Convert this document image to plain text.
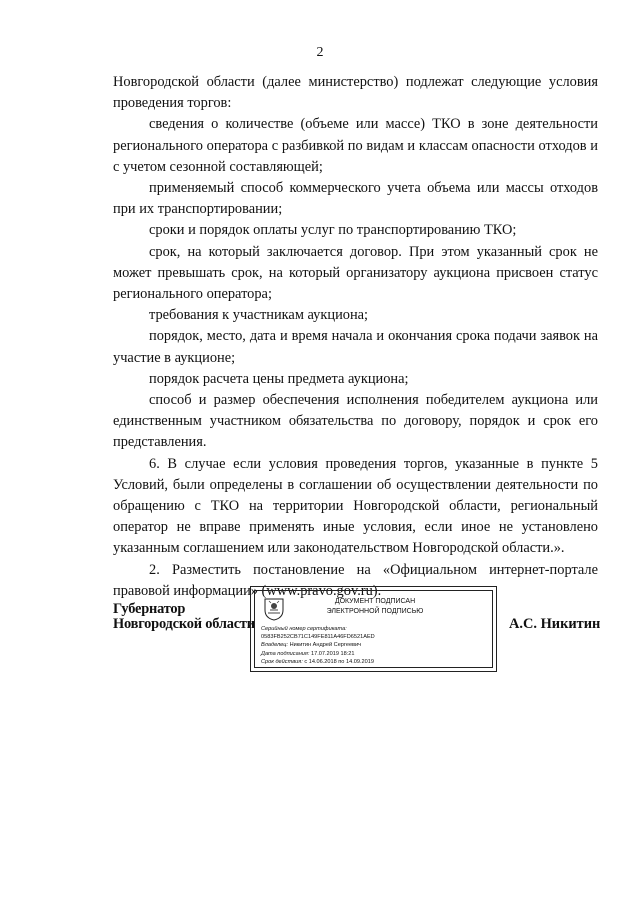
2

Новгородской области (далее министерство) подлежат следующие условия проведения торгов:

сведения о количестве (объеме или массе) ТКО в зоне деятельности регионального оператора с разбивкой по видам и классам опасности отходов и с учетом сезонной составляющей;

применяемый способ коммерческого учета объема или массы отходов при их транспортировании;

сроки и порядок оплаты услуг по транспортированию ТКО;

срок, на который заключается договор. При этом указанный срок не может превышать срок, на который организатору аукциона присвоен статус регионального оператора;

требования к участникам аукциона;

порядок, место, дата и время начала и окончания срока подачи заявок на участие в аукционе;

порядок расчета цены предмета аукциона;

способ и размер обеспечения исполнения победителем аукциона или единственным участником обязательства по договору, порядок и срок его представления.

6. В случае если условия проведения торгов, указанные в пункте 5 Условий, были определены в соглашении об осуществлении деятельности по обращению с ТКО на территории Новгородской области, региональный оператор не вправе применять иные условия, если иное не установлено указанным соглашением или законодательством Новгородской области.».

2. Разместить постановление на «Официальном интернет-портале правовой информации» (www.pravo.gov.ru).

Губернатор
Новгородской области
ДОКУМЕНТ ПОДПИСАН
ЭЛЕКТРОННОЙ ПОДПИСЬЮ
Серийный номер сертификата:
0583FB252CB71C149FE811A46FD6521AED
Владелец: Никитин Андрей Сергеевич
Дата подписания: 17.07.2019 18:21
Срок действия: с 14.06.2018 по 14.09.2019
А.С. Никитин
